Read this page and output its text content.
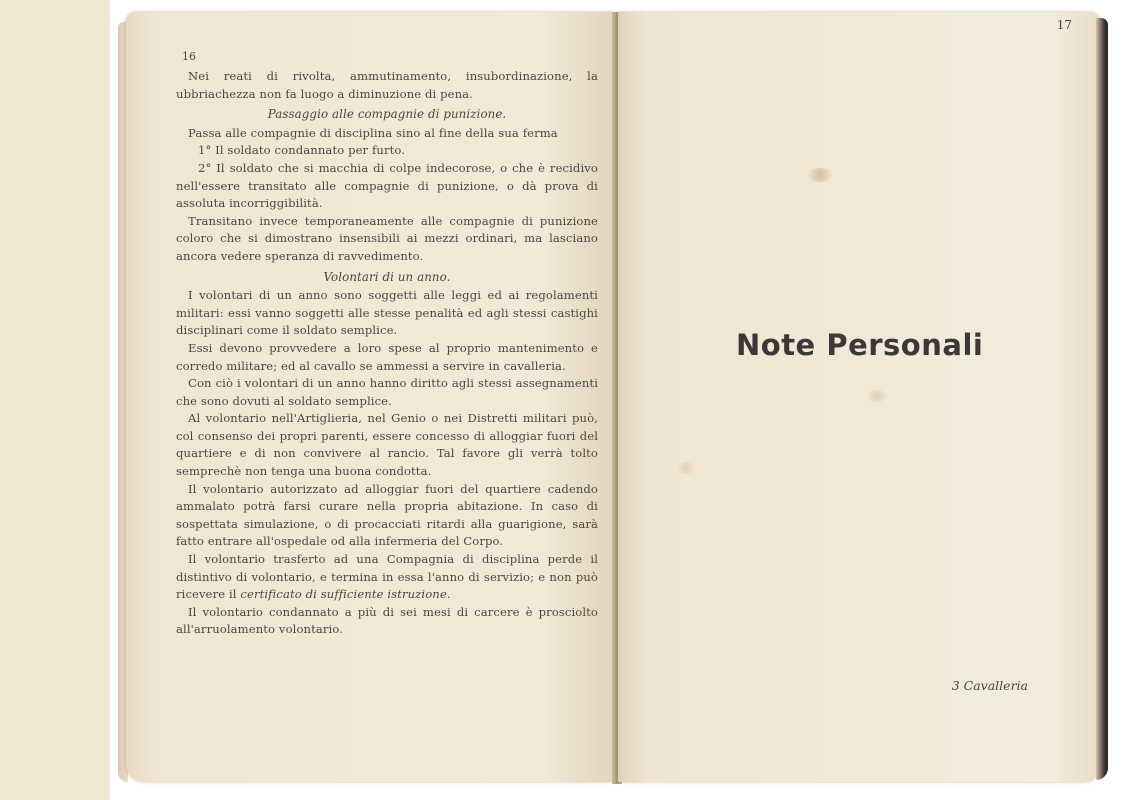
16

Nei reati di rivolta, ammutinamento, insubordinazione, la ubbriachezza non fa luogo a diminuzione di pena.

Passaggio alle compagnie di punizione.

Passa alle compagnie di disciplina sino al fine della sua ferma

1° Il soldato condannato per furto.

2° Il soldato che si macchia di colpe indecorose, o che è recidivo nell'essere transitato alle compagnie di punizione, o dà prova di assoluta incorriggibilità.

Transitano invece temporaneamente alle compagnie di punizione coloro che si dimostrano insensibili ai mezzi ordinari, ma lasciano ancora vedere speranza di ravvedimento.

Volontari di un anno.

I volontari di un anno sono soggetti alle leggi ed ai regolamenti militari: essi vanno soggetti alle stesse penalità ed agli stessi castighi disciplinari come il soldato semplice.

Essi devono provvedere a loro spese al proprio mantenimento e corredo militare; ed al cavallo se ammessi a servire in cavalleria.

Con ciò i volontari di un anno hanno diritto agli stessi assegnamenti che sono dovuti al soldato semplice.

Al volontario nell'Artiglieria, nel Genio o nei Distretti militari può, col consenso dei propri parenti, essere concesso di alloggiar fuori del quartiere e di non convivere al rancio. Tal favore gli verrà tolto semprechè non tenga una buona condotta.

Il volontario autorizzato ad alloggiar fuori del quartiere cadendo ammalato potrà farsi curare nella propria abitazione. In caso di sospettata simulazione, o di procacciati ritardi alla guarigione, sarà fatto entrare all'ospedale od alla infermeria del Corpo.

Il volontario trasferto ad una Compagnia di disciplina perde il distintivo di volontario, e termina in essa l'anno di servizio; e non può ricevere il certificato di sufficiente istruzione.

Il volontario condannato a più di sei mesi di carcere è prosciolto all'arruolamento volontario.

17
Note Personali
3 Cavalleria
